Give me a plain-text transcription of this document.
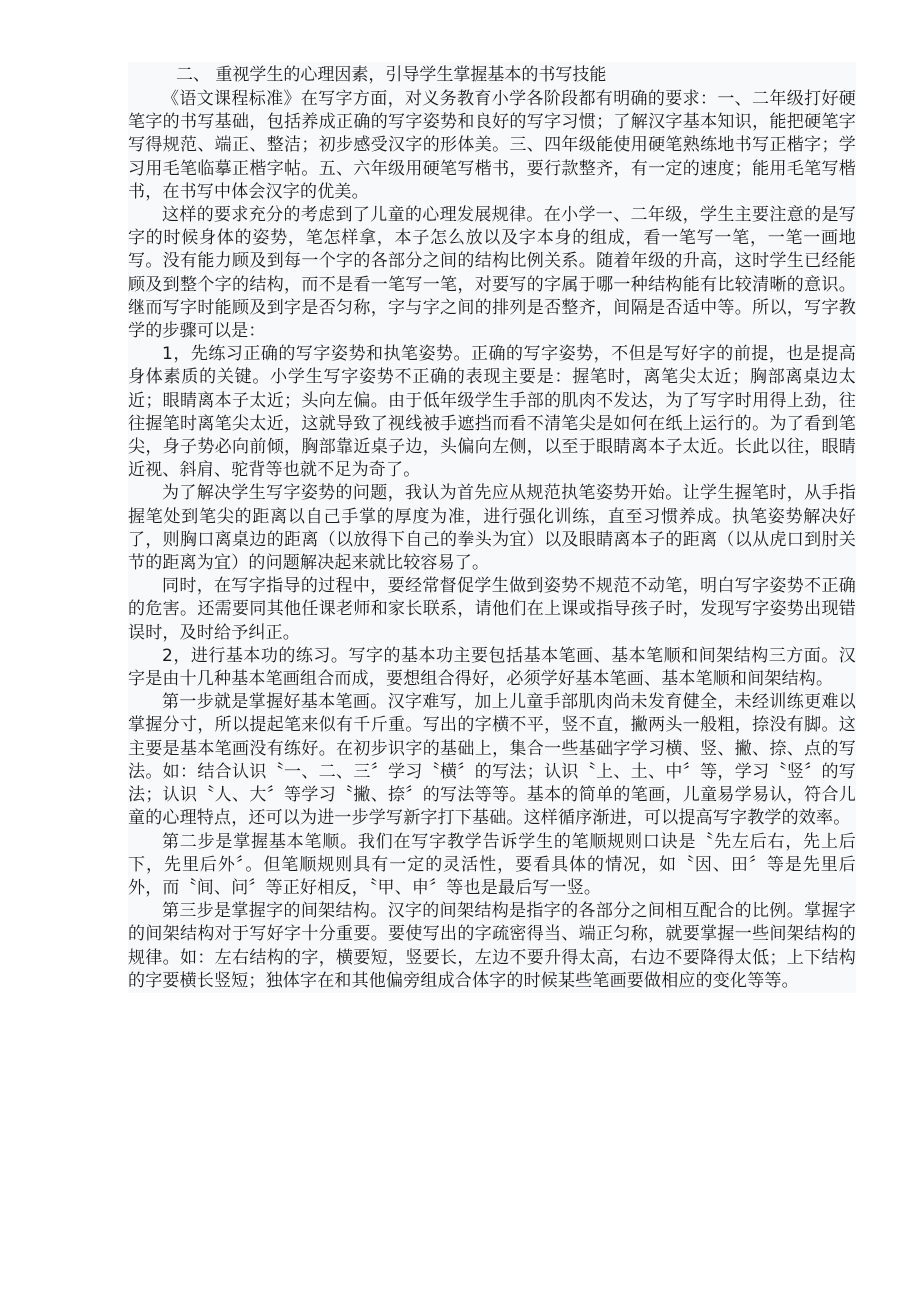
二、 重视学生的心理因素，引导学生掌握基本的书写技能

《语文课程标准》在写字方面，对义务教育小学各阶段都有明确的要求：一、二年级打好硬笔字的书写基础，包括养成正确的写字姿势和良好的写字习惯；了解汉字基本知识，能把硬笔字写得规范、端正、整洁；初步感受汉字的形体美。三、四年级能使用硬笔熟练地书写正楷字；学习用毛笔临摹正楷字帖。五、六年级用硬笔写楷书，要行款整齐，有一定的速度；能用毛笔写楷书，在书写中体会汉字的优美。

这样的要求充分的考虑到了儿童的心理发展规律。在小学一、二年级，学生主要注意的是写字的时候身体的姿势，笔怎样拿，本子怎么放以及字本身的组成，看一笔写一笔，一笔一画地写。没有能力顾及到每一个字的各部分之间的结构比例关系。随着年级的升高，这时学生已经能顾及到整个字的结构，而不是看一笔写一笔，对要写的字属于哪一种结构能有比较清晰的意识。继而写字时能顾及到字是否匀称，字与字之间的排列是否整齐，间隔是否适中等。所以，写字教学的步骤可以是：

1，先练习正确的写字姿势和执笔姿势。正确的写字姿势，不但是写好字的前提，也是提高身体素质的关键。小学生写字姿势不正确的表现主要是：握笔时，离笔尖太近；胸部离桌边太近；眼睛离本子太近；头向左偏。由于低年级学生手部的肌肉不发达，为了写字时用得上劲，往往握笔时离笔尖太近，这就导致了视线被手遮挡而看不清笔尖是如何在纸上运行的。为了看到笔尖，身子势必向前倾，胸部靠近桌子边，头偏向左侧，以至于眼睛离本子太近。长此以往，眼睛近视、斜肩、驼背等也就不足为奇了。

为了解决学生写字姿势的问题，我认为首先应从规范执笔姿势开始。让学生握笔时，从手指握笔处到笔尖的距离以自己手掌的厚度为准，进行强化训练，直至习惯养成。执笔姿势解决好了，则胸口离桌边的距离（以放得下自己的拳头为宜）以及眼睛离本子的距离（以从虎口到肘关节的距离为宜）的问题解决起来就比较容易了。

同时，在写字指导的过程中，要经常督促学生做到姿势不规范不动笔，明白写字姿势不正确的危害。还需要同其他任课老师和家长联系，请他们在上课或指导孩子时，发现写字姿势出现错误时，及时给予纠正。

2，进行基本功的练习。写字的基本功主要包括基本笔画、基本笔顺和间架结构三方面。汉字是由十几种基本笔画组合而成，要想组合得好，必须学好基本笔画、基本笔顺和间架结构。

第一步就是掌握好基本笔画。汉字难写，加上儿童手部肌肉尚未发育健全，未经训练更难以掌握分寸，所以提起笔来似有千斤重。写出的字横不平，竖不直，撇两头一般粗，捺没有脚。这主要是基本笔画没有练好。在初步识字的基础上，集合一些基础字学习横、竖、撇、捺、点的写法。如：结合认识〝一、二、三〞学习〝横〞的写法；认识〝上、土、中〞等，学习〝竖〞的写法；认识〝人、大〞等学习〝撇、捺〞的写法等等。基本的简单的笔画，儿童易学易认，符合儿童的心理特点，还可以为进一步学写新字打下基础。这样循序渐进，可以提高写字教学的效率。

第二步是掌握基本笔顺。我们在写字教学告诉学生的笔顺规则口诀是〝先左后右，先上后下，先里后外〞。但笔顺规则具有一定的灵活性，要看具体的情况，如〝因、田〞等是先里后外，而〝间、问〞等正好相反，〝甲、申〞等也是最后写一竖。

第三步是掌握字的间架结构。汉字的间架结构是指字的各部分之间相互配合的比例。掌握字的间架结构对于写好字十分重要。要使写出的字疏密得当、端正匀称，就要掌握一些间架结构的规律。如：左右结构的字，横要短，竖要长，左边不要升得太高，右边不要降得太低；上下结构的字要横长竖短；独体字在和其他偏旁组成合体字的时候某些笔画要做相应的变化等等。
